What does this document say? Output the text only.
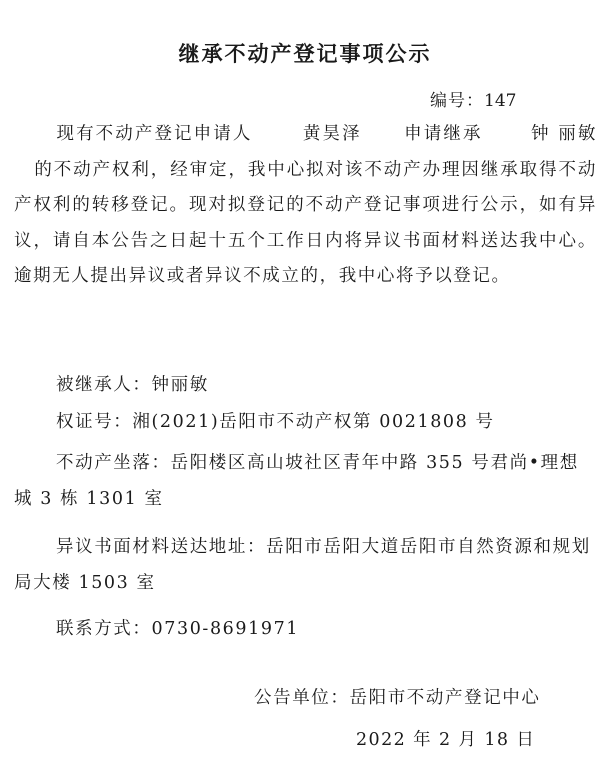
继承不动产登记事项公示
编号：147
现有不动产登记申请人	黄昊泽 申请继承	钟 丽敏的不动产权利，经审定，我中心拟对该不动产办理因继承取得不动产权利的转移登记。现对拟登记的不动产登记事项进行公示，如有异议，请自本公告之日起十五个工作日内将异议书面材料送达我中心。逾期无人提出异议或者异议不成立的，我中心将予以登记。
被继承人：钟丽敏
权证号：湘(2021)岳阳市不动产权第 0021808 号
不动产坐落：岳阳楼区高山坡社区青年中路 355 号君尚•理想城 3 栋 1301 室
异议书面材料送达地址：岳阳市岳阳大道岳阳市自然资源和规划局大楼 1503 室
联系方式：0730-8691971
公告单位：岳阳市不动产登记中心
2022 年 2 月 18 日
